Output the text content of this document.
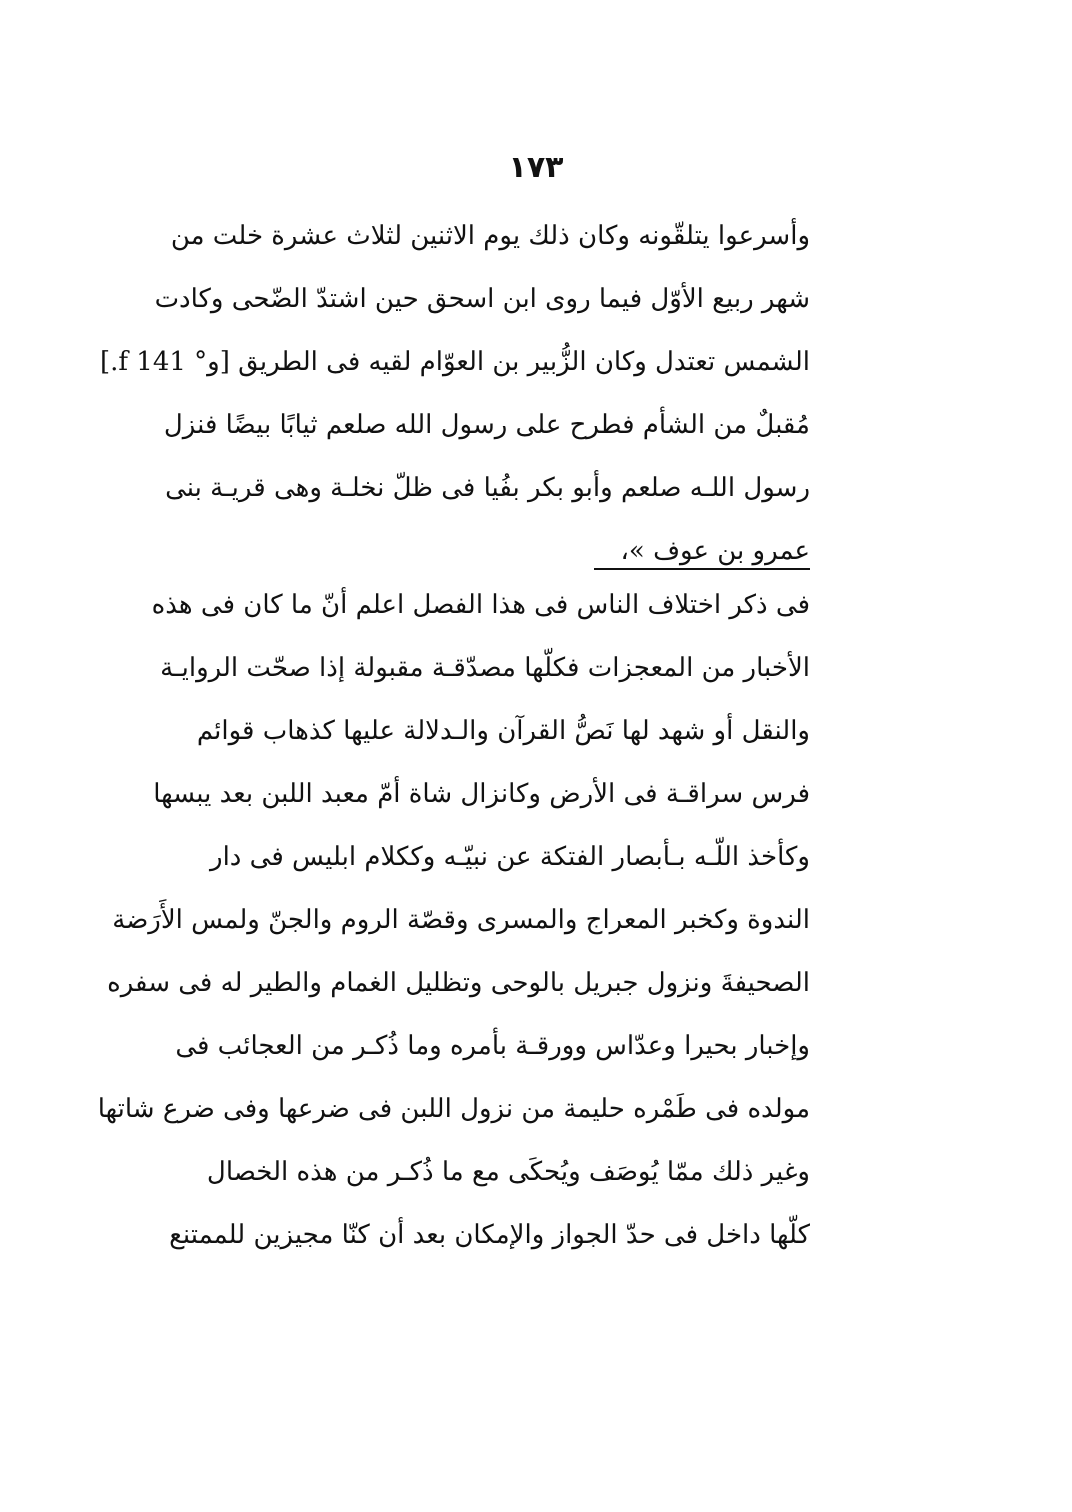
١٧٣
وأسرعوا يتلقّونه وكان ذلك يوم الاثنين لثلاث عشرة خلت من
شهر ربيع الأوّل فيما روى ابن اسحق حين اشتدّ الضّحى وكادت
الشمس تعتدل وكان الزُّبير بن العوّام لقيه فى الطريق [ﻭ° 141 f.]
مُقبلٌ من الشأم فطرح على رسول الله صلعم ثيابًا بيضًا فنزل
رسول اللـه صلعم وأبو بكر بفُيا فى ظلّ نخلـة وهى قريـة بنى
عمرو بن عوف »،
فى ذكر اختلاف الناس فى هذا الفصل اعلم أنّ ما كان فى هذه
الأخبار من المعجزات فكلّها مصدّقـة مقبولة إذا صحّت الروايـة
والنقل أو شهد لها نَصُّ القرآن والـدلالة عليها كذهاب قوائم
فرس سراقـة فى الأرض وكانزال شاة أمّ معبد اللبن بعد يبسها
وكأخذ اللّـه بـأبصار الفتكة عن نبيّـه وككلام ابليس فى دار
الندوة وكخبر المعراج والمسرى وقصّة الروم والجنّ ولمس الأَرَضة
الصحيفةَ ونزول جبريل بالوحى وتظليل الغمام والطير له فى سفره
وإخبار بحيرا وعدّاس وورقـة بأمره وما ذُكـر من العجائب فى
مولده فى طَمْره حليمة من نزول اللبن فى ضرعها وفى ضرع شاتها
وغير ذلك ممّا يُوصَف ويُحكَى مع ما ذُكـر من هذه الخصال
كلّها داخل فى حدّ الجواز والإمكان بعد أن كنّا مجيزين للممتنع
